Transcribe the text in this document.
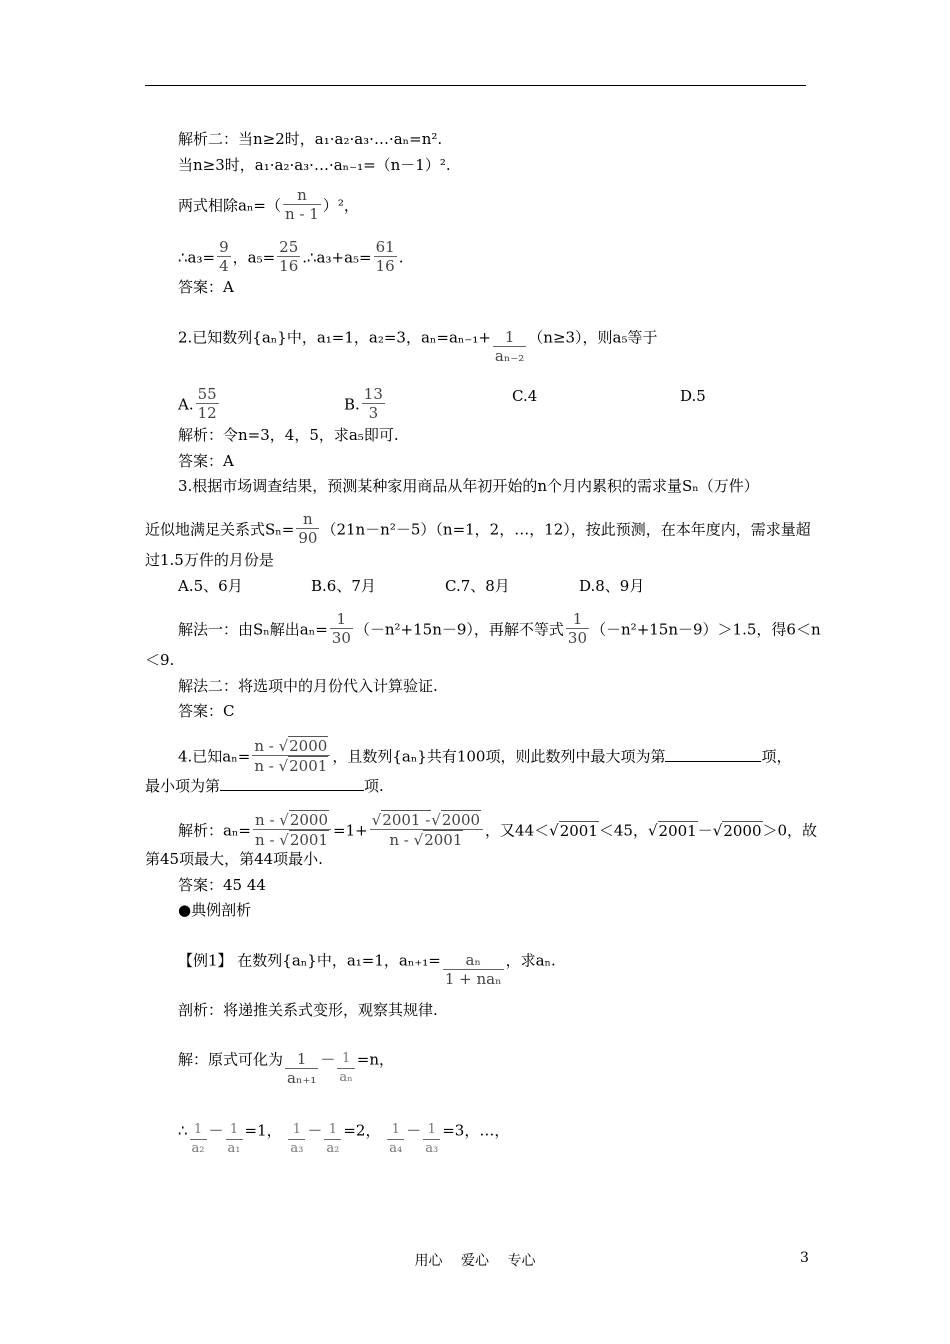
解析二：当n≥2时，a₁·a₂·a₃·…·aₙ=n².
当n≥3时，a₁·a₂·a₃·…·aₙ₋₁=（n－1）².
两式相除$a_n=( \frac{n}{n - 1} )^2$，
∴a₃= $\frac{9}{4}$ ，$a_5= \frac{25}{16}$ .∴a₃+a₅= $\frac{61}{16}$ .
答案：A
2.已知数列{aₙ}中，a₁=1，a₂=3，$a_n=a_{n-1}+ \frac{1}{\text{aₙ₋₂}} (n\ge 3)$，则a₅等于
A. $\frac{55}{12}$	B. $\frac{13}{3}$	C.4	D.5
解析：令n=3，4，5，求a₅即可.
答案：A
3.根据市场调查结果，预测某种家用商品从年初开始的n个月内累积的需求量Sₙ（万件）
近似地满足关系式$S_n= \frac{n}{90} (21n-n^2-5)(n=1$，2，…，12），按此预测，在本年度内，需求量超
过1.5万件的月份是
A.5、6月	B.6、7月	C.7、8月	D.8、9月
解法一：由Sₙ解出$a_n= \frac{1}{30} (-n^2+15n-9)$，再解不等式 $\frac{1}{30} (-n^2+15n-9)>1.5$，得6＜n
＜9.
解法二：将选项中的月份代入计算验证.
答案：C
4.已知$a_n= \frac{n - √2000}{n - √2001}$ ，且数列{aₙ}共有100项，则此数列中最大项为第	项，
最小项为第	项.
解析：$a_n= \frac{n - √2000}{n - √2001} =1+ \frac{√2001 -√2000}{n - √2001}$ ，又44＜√2001＜45，√2001－√2000＞0，故
第45项最大，第44项最小.
答案：45 44
●典例剖析
【例1】 在数列{aₙ}中，a₁=1，aₙ₊₁=	aₙ
1 + naₙ
，求aₙ.
剖析：将递推关系式变形，观察其规律.
解：原式可化为 $\frac{1}{\text{aₙ₊₁}} - \frac{1}{\text{aₙ}} =n$，
∴ $\frac{1}{\text{a₂}} - \frac{1}{\text{a₁}} =1$， $\frac{1}{\text{a₃}} - \frac{1}{\text{a₂}} =2$， $\frac{1}{\text{a₄}} - \frac{1}{\text{a₃}} =3$，…，
用心　 爱心　 专心	3
